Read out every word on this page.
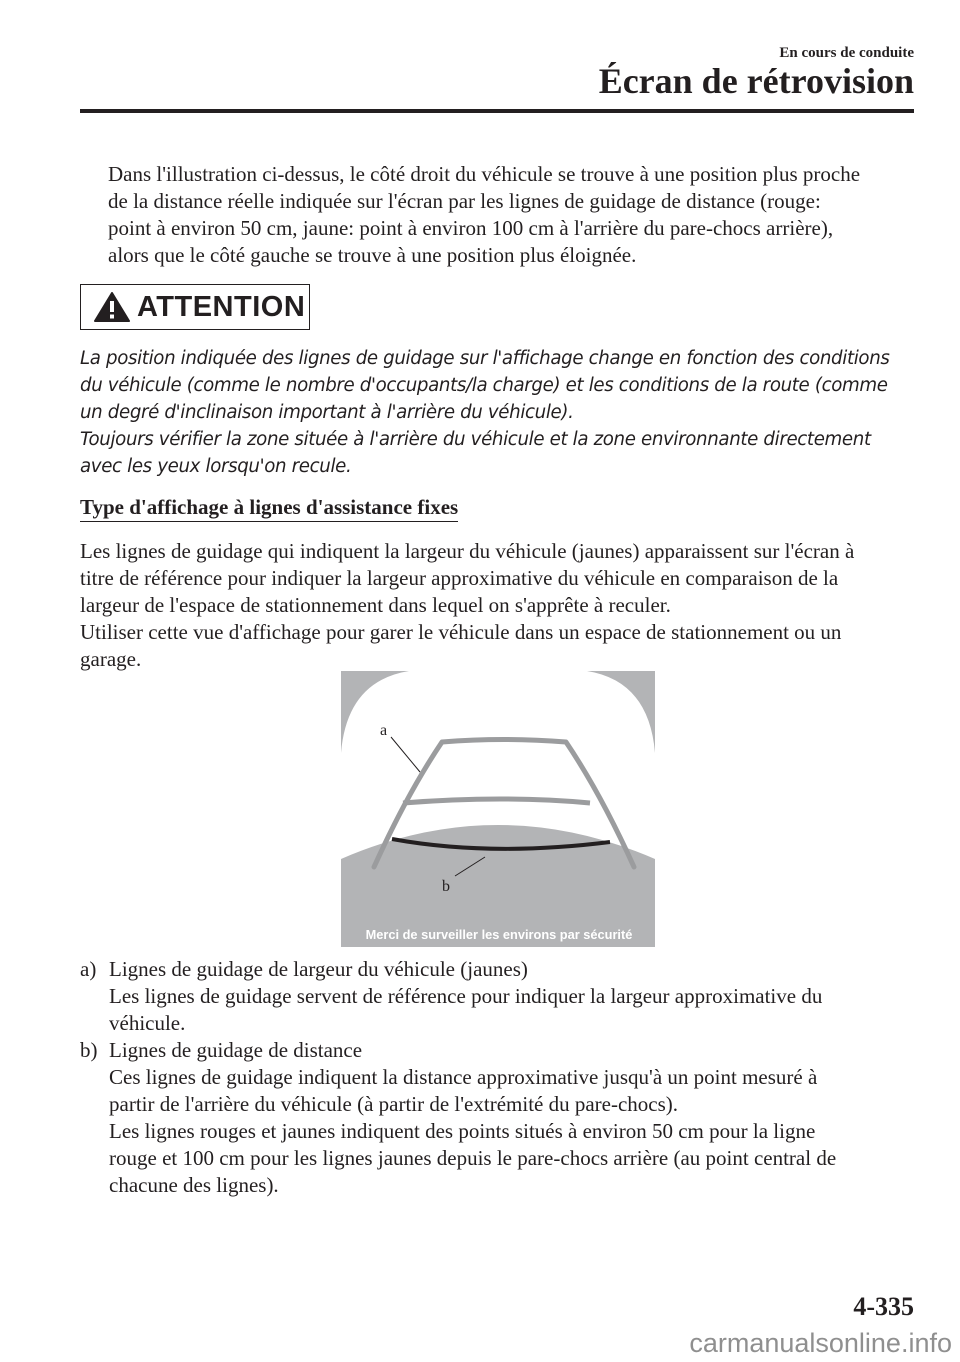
En cours de conduite
Écran de rétrovision

Dans l'illustration ci-dessus, le côté droit du véhicule se trouve à une position plus proche
de la distance réelle indiquée sur l'écran par les lignes de guidage de distance (rouge:
point à environ 50 cm, jaune: point à environ 100 cm à l'arrière du pare-chocs arrière),
alors que le côté gauche se trouve à une position plus éloignée.

ATTENTION

La position indiquée des lignes de guidage sur l'affichage change en fonction des conditions
du véhicule (comme le nombre d'occupants/la charge) et les conditions de la route (comme
un degré d'inclinaison important à l'arrière du véhicule).
Toujours vérifier la zone située à l'arrière du véhicule et la zone environnante directement
avec les yeux lorsqu'on recule.

Type d'affichage à lignes d'assistance fixes

Les lignes de guidage qui indiquent la largeur du véhicule (jaunes) apparaissent sur l'écran à
titre de référence pour indiquer la largeur approximative du véhicule en comparaison de la
largeur de l'espace de stationnement dans lequel on s'apprête à reculer.
Utiliser cette vue d'affichage pour garer le véhicule dans un espace de stationnement ou un
garage.

a
b
Merci de surveiller les environs par sécurité
a) Lignes de guidage de largeur du véhicule (jaunes)

Les lignes de guidage servent de référence pour indiquer la largeur approximative du

véhicule.

b) Lignes de guidage de distance

Ces lignes de guidage indiquent la distance approximative jusqu'à un point mesuré à

partir de l'arrière du véhicule (à partir de l'extrémité du pare-chocs).

Les lignes rouges et jaunes indiquent des points situés à environ 50 cm pour la ligne

rouge et 100 cm pour les lignes jaunes depuis le pare-chocs arrière (au point central de

chacune des lignes).

4-335
carmanualsonline.info
